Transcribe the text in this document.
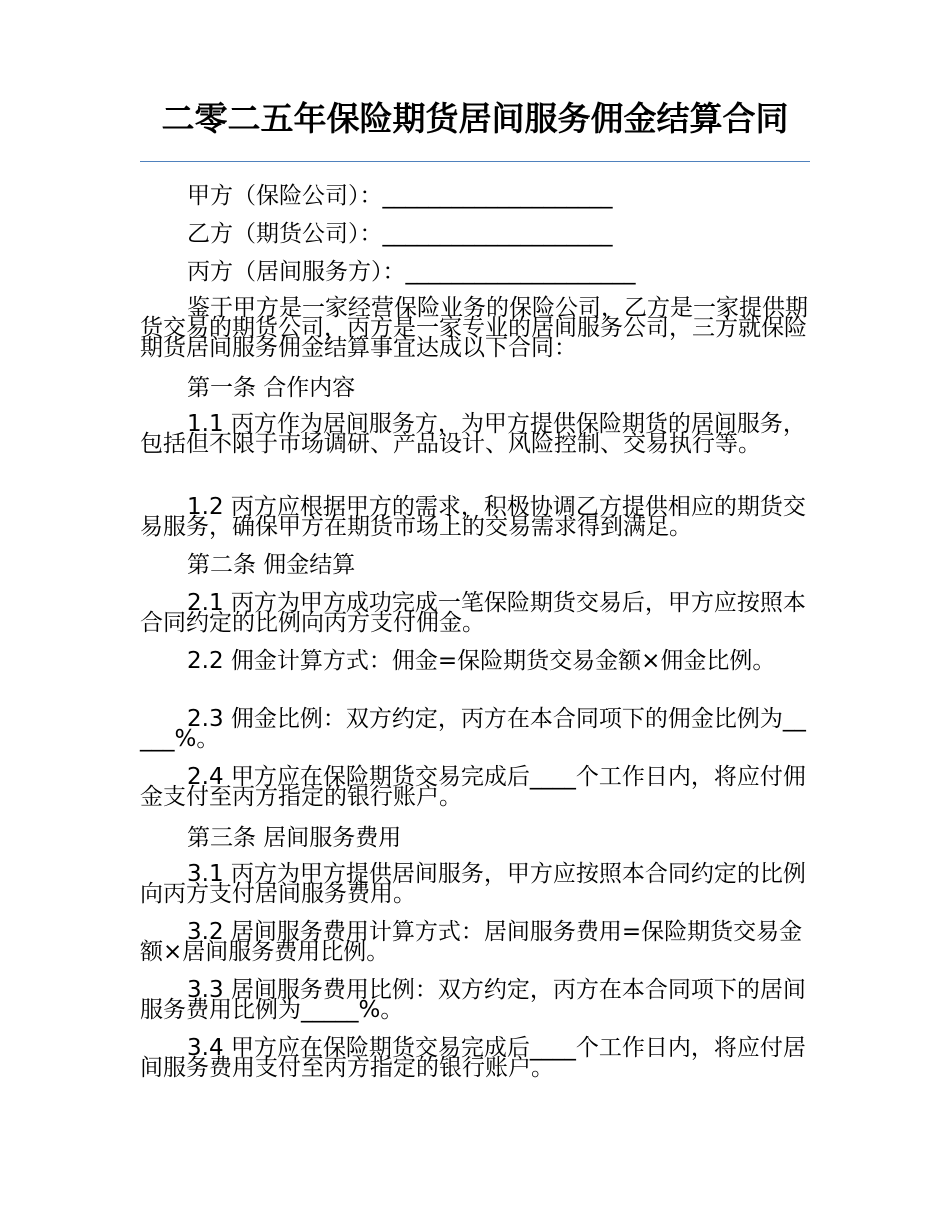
二零二五年保险期货居间服务佣金结算合同

甲方（保险公司）：____________________

乙方（期货公司）：____________________

丙方（居间服务方）：____________________

鉴于甲方是一家经营保险业务的保险公司，乙方是一家提供期货交易的期货公司，丙方是一家专业的居间服务公司，三方就保险期货居间服务佣金结算事宜达成以下合同：

第一条 合作内容

1.1 丙方作为居间服务方，为甲方提供保险期货的居间服务，包括但不限于市场调研、产品设计、风险控制、交易执行等。

1.2 丙方应根据甲方的需求，积极协调乙方提供相应的期货交易服务，确保甲方在期货市场上的交易需求得到满足。

第二条 佣金结算

2.1 丙方为甲方成功完成一笔保险期货交易后，甲方应按照本合同约定的比例向丙方支付佣金。

2.2 佣金计算方式：佣金=保险期货交易金额×佣金比例。

2.3 佣金比例：双方约定，丙方在本合同项下的佣金比例为_____%。

2.4 甲方应在保险期货交易完成后____个工作日内，将应付佣金支付至丙方指定的银行账户。

第三条 居间服务费用

3.1 丙方为甲方提供居间服务，甲方应按照本合同约定的比例向丙方支付居间服务费用。

3.2 居间服务费用计算方式：居间服务费用=保险期货交易金额×居间服务费用比例。

3.3 居间服务费用比例：双方约定，丙方在本合同项下的居间服务费用比例为_____%。

3.4 甲方应在保险期货交易完成后____个工作日内，将应付居间服务费用支付至丙方指定的银行账户。
